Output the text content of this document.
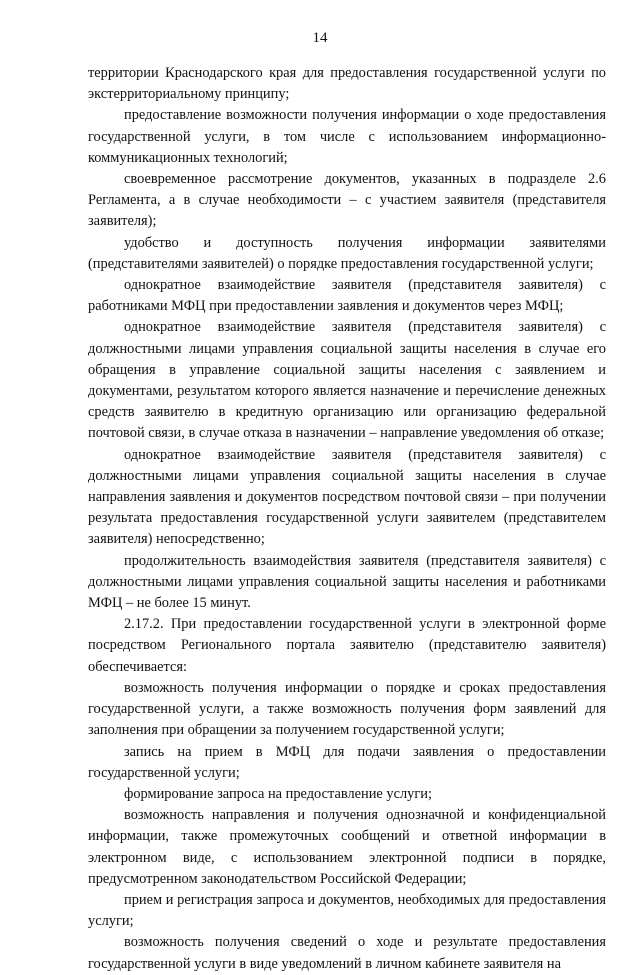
14

территории Краснодарского края для предоставления государственной услуги по экстерриториальному принципу;

предоставление возможности получения информации о ходе предоставления государственной услуги, в том числе с использованием информационно-коммуникационных технологий;

своевременное рассмотрение документов, указанных в подразделе 2.6 Регламента, а в случае необходимости – с участием заявителя (представителя заявителя);

удобство и доступность получения информации заявителями (представителями заявителей) о порядке предоставления государственной услуги;

однократное взаимодействие заявителя (представителя заявителя) с работниками МФЦ при предоставлении заявления и документов через МФЦ;

однократное взаимодействие заявителя (представителя заявителя) с должностными лицами управления социальной защиты населения в случае его обращения в управление социальной защиты населения с заявлением и документами, результатом которого является назначение и перечисление денежных средств заявителю в кредитную организацию или организацию федеральной почтовой связи, в случае отказа в назначении – направление уведомления об отказе;

однократное взаимодействие заявителя (представителя заявителя) с должностными лицами управления социальной защиты населения в случае направления заявления и документов посредством почтовой связи – при получении результата предоставления государственной услуги заявителем (представителем заявителя) непосредственно;

продолжительность взаимодействия заявителя (представителя заявителя) с должностными лицами управления социальной защиты населения и работниками МФЦ – не более 15 минут.

2.17.2. При предоставлении государственной услуги в электронной форме посредством Регионального портала заявителю (представителю заявителя) обеспечивается:

возможность получения информации о порядке и сроках предоставления государственной услуги, а также возможность получения форм заявлений для заполнения при обращении за получением государственной услуги;

запись на прием в МФЦ для подачи заявления о предоставлении государственной услуги;

формирование запроса на предоставление услуги;

возможность направления и получения однозначной и конфиденциальной информации, также промежуточных сообщений и ответной информации в электронном виде, с использованием электронной подписи в порядке, предусмотренном законодательством Российской Федерации;

прием и регистрация запроса и документов, необходимых для предоставления услуги;

возможность получения сведений о ходе и результате предоставления государственной услуги в виде уведомлений в личном кабинете заявителя на
